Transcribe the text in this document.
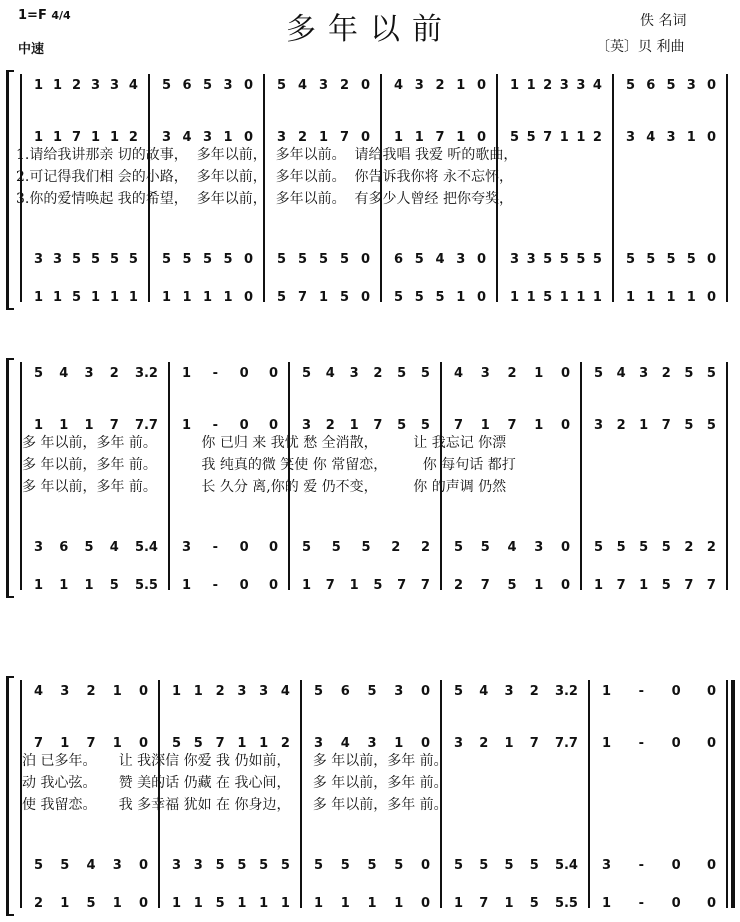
1=F 4/4
中速
多年以前	佚 名词
〔英〕贝 利曲
1 1 2 3 3 4 5 6 5 3 0 5 4 3 2 0 4 3 2 1 0 1 1 2 3 3 4 5 6 5 3 0
1 1 7 1 1 2 3 4 3 1 0 3 2 1 7 0 1 1 7 1 0 5 5 7 1 1 2 3 4 3 1 0
3 3 5 5 5 5 5 5 5 5 0 5 5 5 5 0 6 5 4 3 0 3 3 5 5 5 5 5 5 5 5 0
1 1 5 1 1 1 1 1 1 1 0 5 7 1 5 0 5 5 5 1 0 1 1 5 1 1 1 1 1 1 1 0
1.请给我讲那亲 切的故事，  多年以前，  多年以前。  请给我唱 我爱 听的歌曲，
2.可记得我们相 会的小路，  多年以前，  多年以前。  你告诉我你将 永不忘怀，
3.你的爱情唤起 我的希望，  多年以前，  多年以前。  有多少人曾经 把你夸奖，
5 4 3 2 3.2 1 - 0 0 5 4 3 2 5 5 4 3 2 1 0 5 4 3 2 5 5
1 1 1 7 7.7 1 - 0 0 3 2 1 7 5 5 7 1 7 1 0 3 2 1 7 5 5
3 6 5 4 5.4 3 - 0 0 5 5 5 2 2 5 5 4 3 0 5 5 5 5 2 2
1 1 1 5 5.5 1 - 0 0 1 7 1 5 7 7 2 7 5 1 0 1 7 1 5 7 7
多 年以前，多年 前。          你 已归 来 我忧 愁 全消散，        让 我忘记 你漂
多 年以前，多年 前。          我 纯真的微 笑使 你 常留恋，        你 每句话 都打
多 年以前，多年 前。          长 久分 离,你的 爱 仍不变，        你 的声调 仍然
4 3 2 1 0 1 1 2 3 3 4 5 6 5 3 0 5 4 3 2 3.2 1 - 0 0
7 1 7 1 0 5 5 7 1 1 2 3 4 3 1 0 3 2 1 7 7.7 1 - 0 0
5 5 4 3 0 3 3 5 5 5 5 5 5 5 5 0 5 5 5 5 5.4 3 - 0 0
2 1 5 1 0 1 1 5 1 1 1 1 1 1 1 0 1 7 1 5 5.5 1 - 0 0
泊 已多年。     让 我深信 你爱 我 仍如前，     多 年以前，多年 前。
动 我心弦。     赞 美的话 仍藏 在 我心间，     多 年以前，多年 前。
使 我留恋。     我 多幸福 犹如 在 你身边，     多 年以前，多年 前。
